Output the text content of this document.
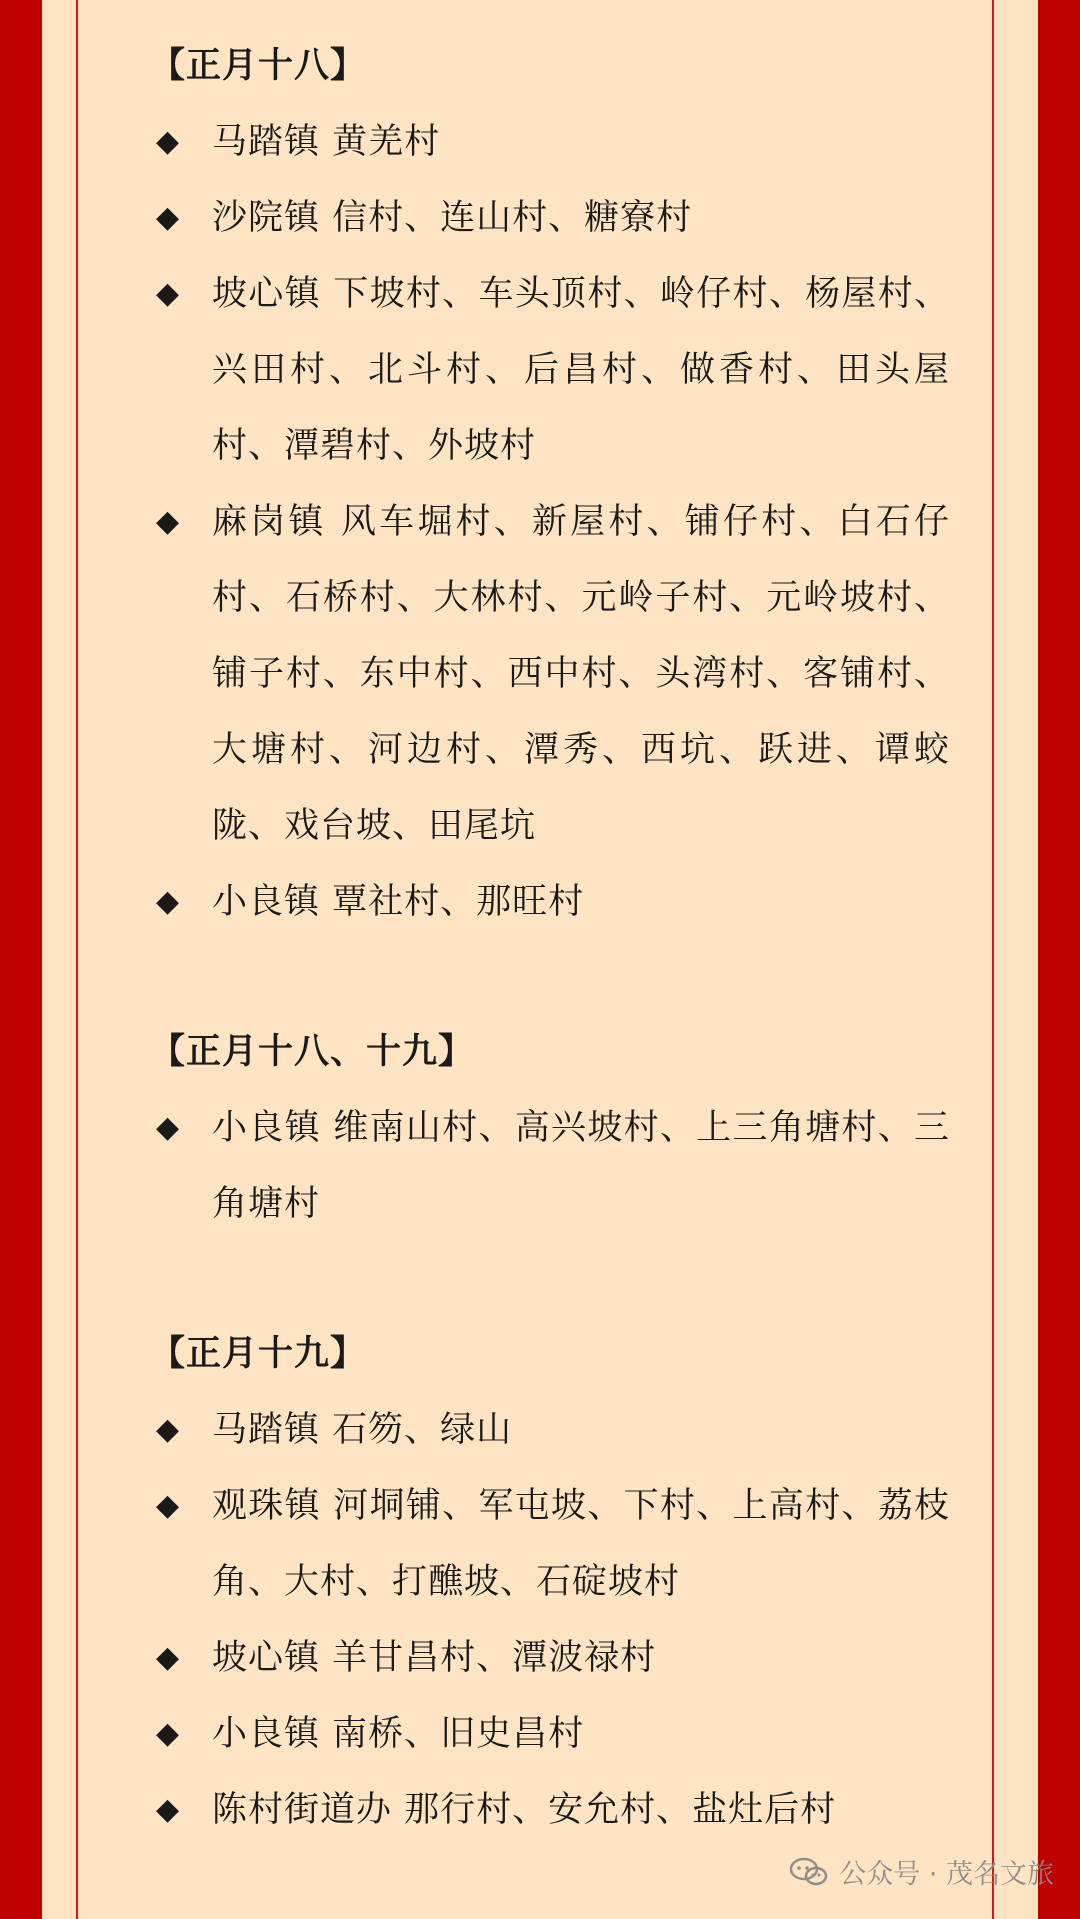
【正月十八】
◆ 马踏镇 黄羌村
◆ 沙院镇 信村、连山村、糖寮村
◆ 坡心镇 下坡村、车头顶村、岭仔村、杨屋村、兴田村、北斗村、后昌村、做香村、田头屋村、潭碧村、外坡村
◆ 麻岗镇 风车堀村、新屋村、铺仔村、白石仔村、石桥村、大林村、元岭子村、元岭坡村、铺子村、东中村、西中村、头湾村、客铺村、大塘村、河边村、潭秀、西坑、跃进、谭蛟陇、戏台坡、田尾坑
◆ 小良镇 覃社村、那旺村
【正月十八、十九】
◆ 小良镇 维南山村、高兴坡村、上三角塘村、三角塘村
【正月十九】
◆ 马踏镇 石笏、绿山
◆ 观珠镇 河垌铺、军屯坡、下村、上高村、荔枝角、大村、打醮坡、石碇坡村
◆ 坡心镇 羊甘昌村、潭波禄村
◆ 小良镇 南桥、旧史昌村
◆ 陈村街道办 那行村、安允村、盐灶后村
公众号 · 茂名文旅
